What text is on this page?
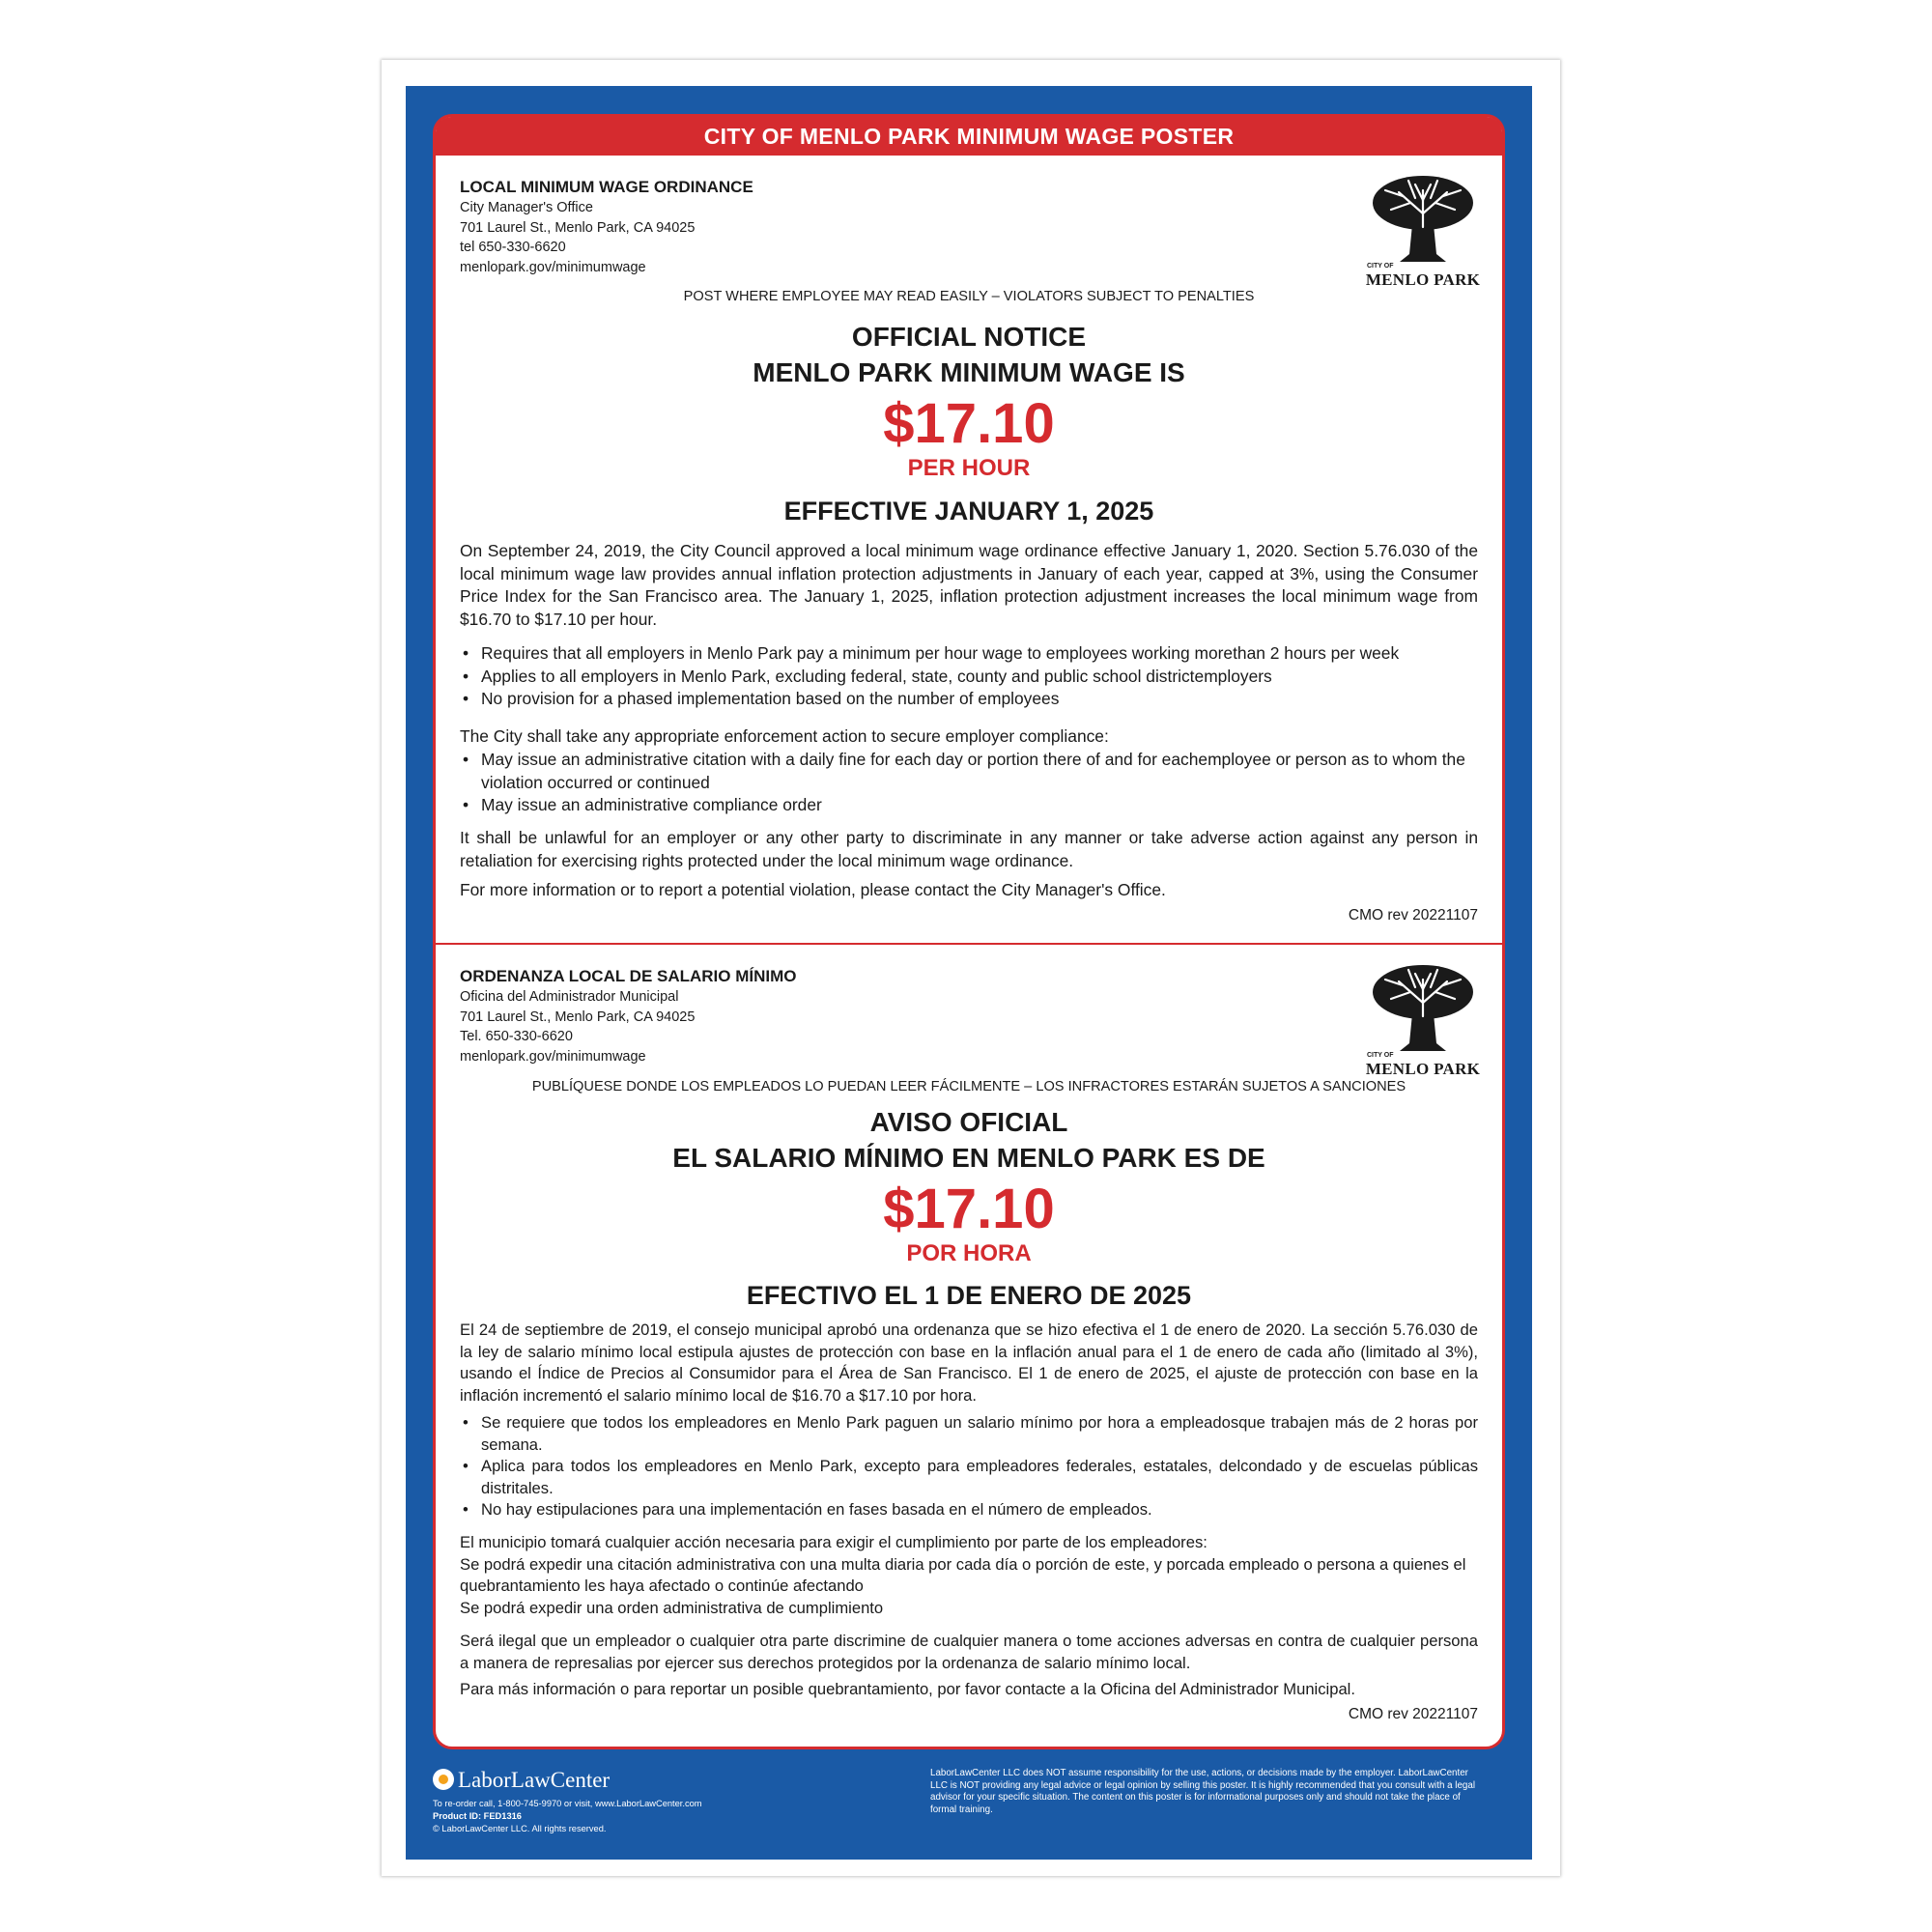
CITY OF MENLO PARK MINIMUM WAGE POSTER
LOCAL MINIMUM WAGE ORDINANCE
City Manager's Office
701 Laurel St., Menlo Park, CA 94025
tel 650-330-6620
menlopark.gov/minimumwage	CITY OF
MENLO PARK
POST WHERE EMPLOYEE MAY READ EASILY – VIOLATORS SUBJECT TO PENALTIES
OFFICIAL NOTICE
MENLO PARK MINIMUM WAGE IS
$17.10
PER HOUR
EFFECTIVE JANUARY 1, 2025
On September 24, 2019, the City Council approved a local minimum wage ordinance effective January 1, 2020. Section 5.76.030 of the local minimum wage law provides annual inflation protection adjustments in January of each year, capped at 3%, using the Consumer Price Index for the San Francisco area. The January 1, 2025, inflation protection adjustment increases the local minimum wage from $16.70 to $17.10 per hour.
• Requires that all employers in Menlo Park pay a minimum per hour wage to employees working morethan 2 hours per week
• Applies to all employers in Menlo Park, excluding federal, state, county and public school districtemployers
• No provision for a phased implementation based on the number of employees
The City shall take any appropriate enforcement action to secure employer compliance:
• May issue an administrative citation with a daily fine for each day or portion there of and for eachemployee or person as to whom the violation occurred or continued
• May issue an administrative compliance order
It shall be unlawful for an employer or any other party to discriminate in any manner or take adverse action against any person in retaliation for exercising rights protected under the local minimum wage ordinance.
For more information or to report a potential violation, please contact the City Manager's Office.
CMO rev 20221107
ORDENANZA LOCAL DE SALARIO MÍNIMO
Oficina del Administrador Municipal
701 Laurel St., Menlo Park, CA 94025
Tel. 650-330-6620
menlopark.gov/minimumwage	CITY OF
MENLO PARK
PUBLÍQUESE DONDE LOS EMPLEADOS LO PUEDAN LEER FÁCILMENTE – LOS INFRACTORES ESTARÁN SUJETOS A SANCIONES
AVISO OFICIAL
EL SALARIO MÍNIMO EN MENLO PARK ES DE
$17.10
POR HORA
EFECTIVO EL 1 DE ENERO DE 2025
El 24 de septiembre de 2019, el consejo municipal aprobó una ordenanza que se hizo efectiva el 1 de enero de 2020. La sección 5.76.030 de la ley de salario mínimo local estipula ajustes de protección con base en la inflación anual para el 1 de enero de cada año (limitado al 3%), usando el Índice de Precios al Consumidor para el Área de San Francisco. El 1 de enero de 2025, el ajuste de protección con base en la inflación incrementó el salario mínimo local de $16.70 a $17.10 por hora.
• Se requiere que todos los empleadores en Menlo Park paguen un salario mínimo por hora a empleadosque trabajen más de 2 horas por semana.
• Aplica para todos los empleadores en Menlo Park, excepto para empleadores federales, estatales, delcondado y de escuelas públicas distritales.
• No hay estipulaciones para una implementación en fases basada en el número de empleados.
El municipio tomará cualquier acción necesaria para exigir el cumplimiento por parte de los empleadores:
Se podrá expedir una citación administrativa con una multa diaria por cada día o porción de este, y porcada empleado o persona a quienes el quebrantamiento les haya afectado o continúe afectando
Se podrá expedir una orden administrativa de cumplimiento
Será ilegal que un empleador o cualquier otra parte discrimine de cualquier manera o tome acciones adversas en contra de cualquier persona a manera de represalias por ejercer sus derechos protegidos por la ordenanza de salario mínimo local.
Para más información o para reportar un posible quebrantamiento, por favor contacte a la Oficina del Administrador Municipal.
CMO rev 20221107
LaborLawCenter
To re-order call, 1-800-745-9970 or visit, www.LaborLawCenter.com
Product ID: FED1316
© LaborLawCenter LLC. All rights reserved.
LaborLawCenter LLC does NOT assume responsibility for the use, actions, or decisions made by the employer. LaborLawCenter LLC is NOT providing any legal advice or legal opinion by selling this poster. It is highly recommended that you consult with a legal advisor for your specific situation. The content on this poster is for informational purposes only and should not take the place of formal training.
